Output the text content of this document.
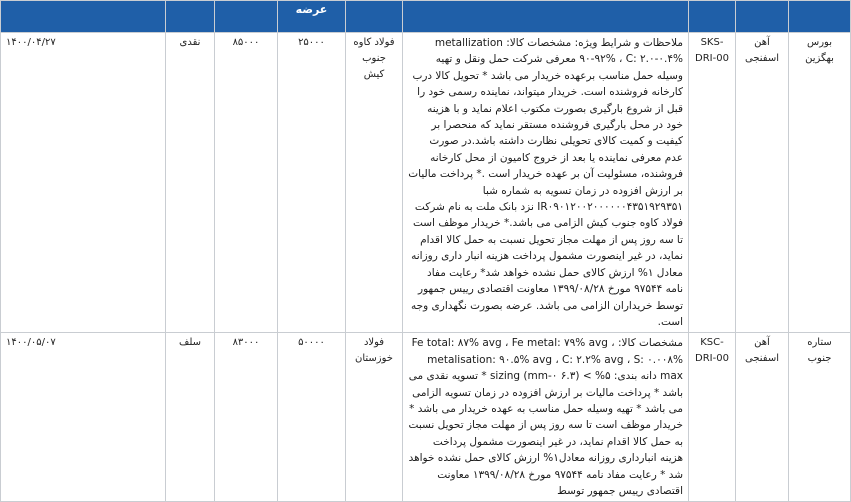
					عرضه			
بورس بهگزین	آهن اسفنجی	SKS-DRI-00	ملاحظات و شرایط ویژه: مشخصات کالا: metallization ۹۰-۹۲% ، C: ۲.۰-۰.۴% معرفی شرکت حمل ونقل و تهیه وسیله حمل مناسب برعهده خریدار می باشد * تحویل کالا درب کارخانه فروشنده است. خریدار میتواند، نماینده رسمی خود را قبل از شروع بارگیری بصورت مکتوب اعلام نماید و با هزینه خود در محل بارگیری فروشنده مستقر نماید که منحصرا بر کیفیت و کمیت کالای تحویلی نظارت داشته باشد.در صورت عدم معرفی نماینده یا بعد از خروج کامیون از محل کارخانه فروشنده، مسئولیت آن بر عهده خریدار است .* پرداخت مالیات بر ارزش افزوده در زمان تسویه به شماره شبا IR۰۹۰۱۲۰۰۲۰۰۰۰۰۰۴۳۵۱۹۲۹۳۵۱ نزد بانک ملت به نام شرکت فولاد کاوه جنوب کیش الزامی می باشد.* خریدار موظف است تا سه روز پس از مهلت مجاز تحویل نسبت به حمل کالا اقدام نماید، در غیر اینصورت مشمول پرداخت هزینه انبار داری روزانه معادل ۱% ارزش کالای حمل نشده خواهد شد* رعایت مفاد نامه ۹۷۵۴۴ مورخ ۱۳۹۹/۰۸/۲۸ معاونت اقتصادی رییس جمهور توسط خریداران الزامی می باشد. عرضه بصورت نگهداری وجه است.	فولاد کاوه جنوب کیش	۲۵۰۰۰	۸۵۰۰۰	نقدی	۱۴۰۰/۰۴/۲۷
ستاره جنوب	آهن اسفنجی	KSC-DRI-00	مشخصات کالا: Fe total: ۸۷% avg ، Fe metal: ۷۹% avg ، metalisation: ۹۰.۵% avg ، C: ۲.۲% avg ، S: ۰.۰۰۸% max دانه بندی: ۵% > (۶.۳ mm-۰) sizing * تسویه نقدی می باشد * پرداخت مالیات بر ارزش افزوده در زمان تسویه الزامی می باشد * تهیه وسیله حمل مناسب به عهده خریدار می باشد * خریدار موظف است تا سه روز پس از مهلت مجاز تحویل نسبت به حمل کالا اقدام نماید، در غیر اینصورت مشمول پرداخت هزینه انبارداری روزانه معادل۱% ارزش کالای حمل نشده خواهد شد * رعایت مفاد نامه ۹۷۵۴۴ مورخ ۱۳۹۹/۰۸/۲۸ معاونت اقتصادی رییس جمهور توسط	فولاد خوزستان	۵۰۰۰۰	۸۳۰۰۰	سلف	۱۴۰۰/۰۵/۰۷
